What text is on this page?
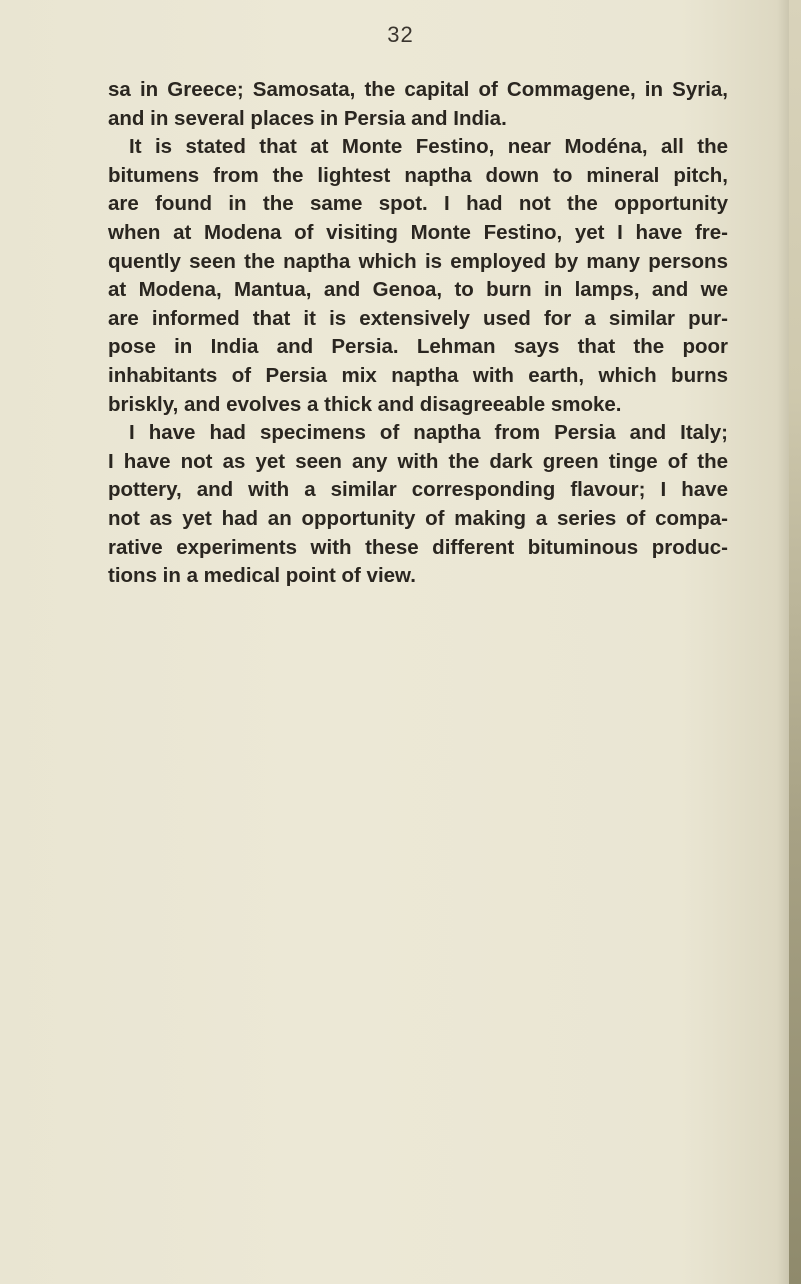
32
sa in Greece; Samosata, the capital of Commagene, in Syria,
and in several places in Persia and India.
It is stated that at Monte Festino, near Modéna, all the
bitumens from the lightest naptha down to mineral pitch,
are found in the same spot. I had not the opportunity
when at Modena of visiting Monte Festino, yet I have fre-
quently seen the naptha which is employed by many persons
at Modena, Mantua, and Genoa, to burn in lamps, and we
are informed that it is extensively used for a similar pur-
pose in India and Persia. Lehman says that the poor
inhabitants of Persia mix naptha with earth, which burns
briskly, and evolves a thick and disagreeable smoke.
I have had specimens of naptha from Persia and Italy;
I have not as yet seen any with the dark green tinge of the
pottery, and with a similar corresponding flavour; I have
not as yet had an opportunity of making a series of compa-
rative experiments with these different bituminous produc-
tions in a medical point of view.
